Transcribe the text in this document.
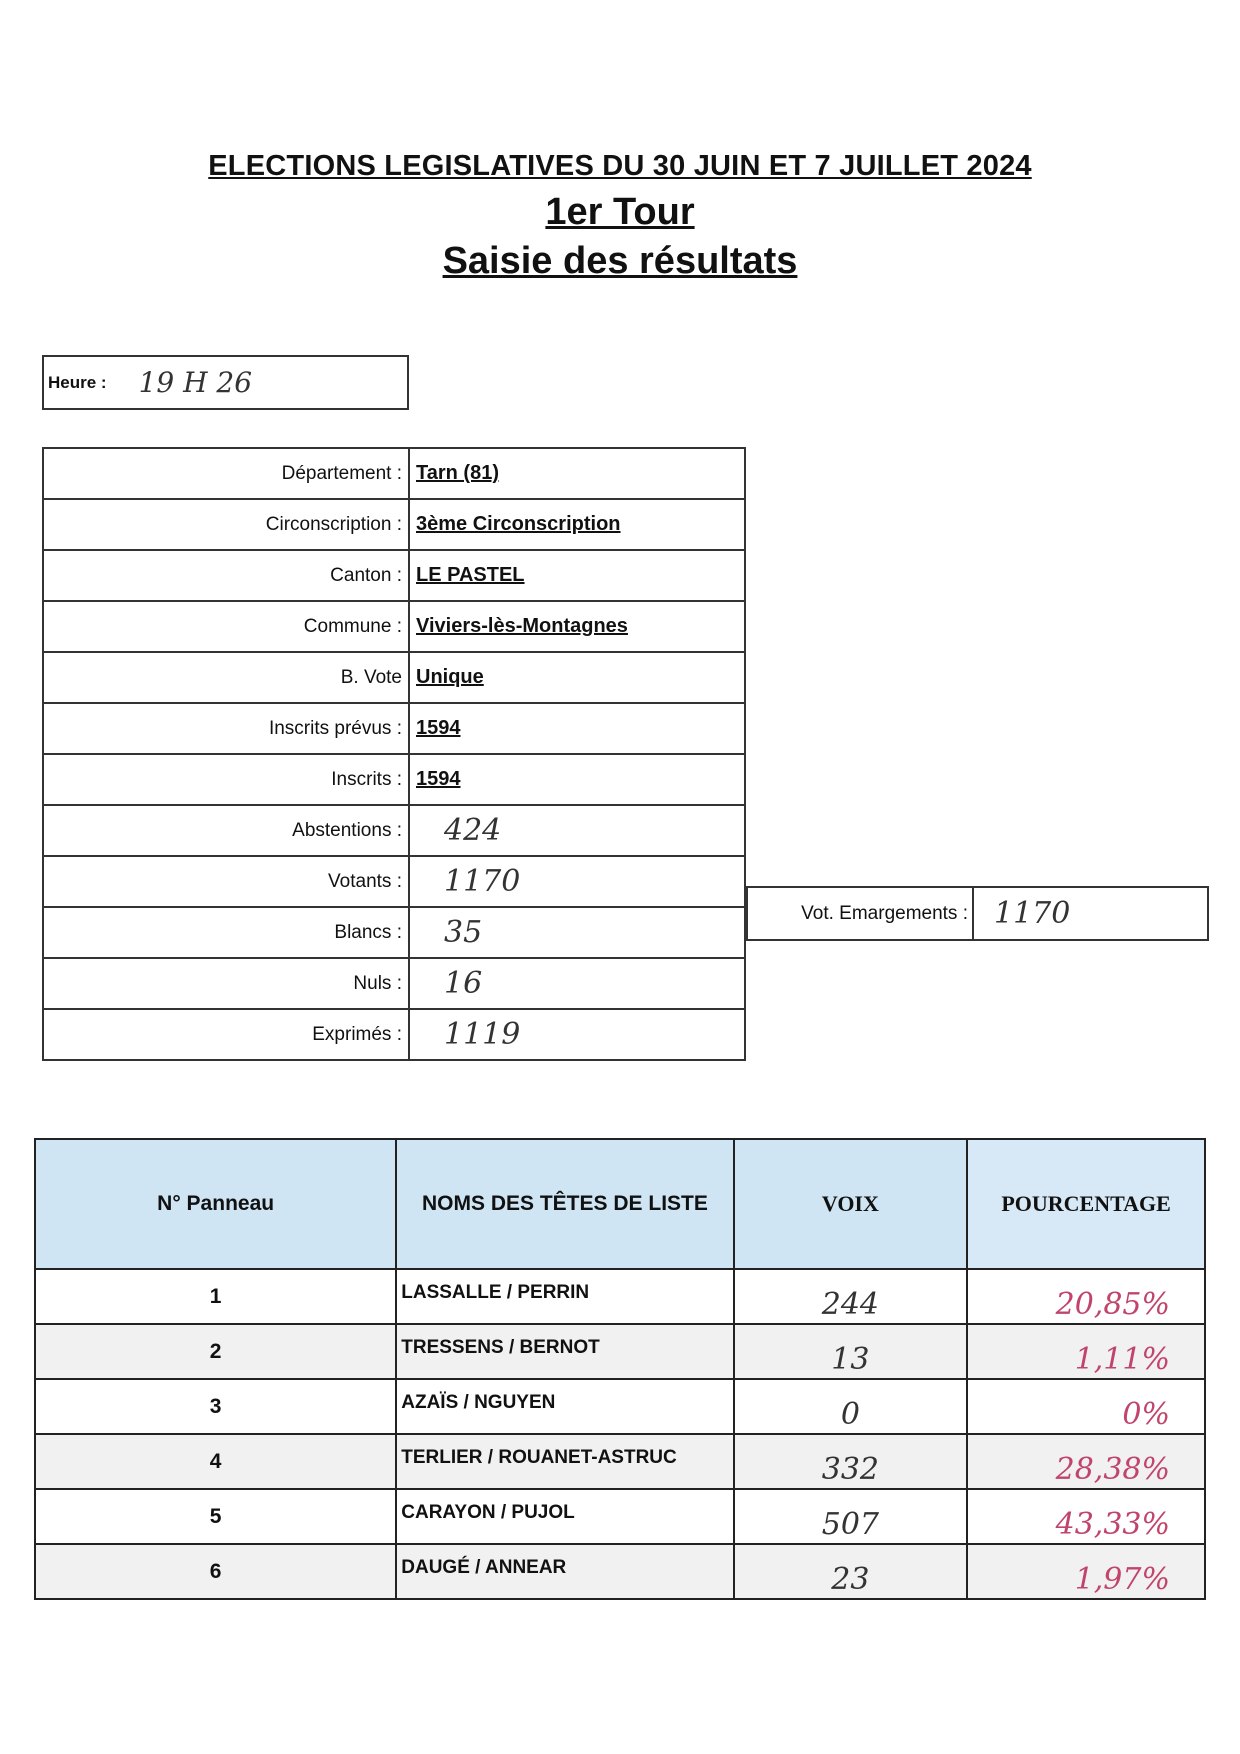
ELECTIONS LEGISLATIVES DU 30 JUIN ET 7 JUILLET 2024
1er Tour
Saisie des résultats
Heure : 19 H 26
Département :	Tarn (81)
Circonscription :	3ème Circonscription
Canton :	LE PASTEL
Commune :	Viviers-lès-Montagnes
B. Vote	Unique
Inscrits prévus :	1594
Inscrits :	1594
Abstentions :	424
Votants :	1170
Blancs :	35
Nuls :	16
Exprimés :	1119
Vot. Emargements : 1170
N° Panneau	NOMS DES TÊTES DE LISTE	VOIX	POURCENTAGE
1	LASSALLE / PERRIN	244	20,85%
2	TRESSENS / BERNOT	13	1,11%
3	AZAÏS / NGUYEN	0	0%
4	TERLIER / ROUANET-ASTRUC	332	28,38%
5	CARAYON / PUJOL	507	43,33%
6	DAUGÉ / ANNEAR	23	1,97%
